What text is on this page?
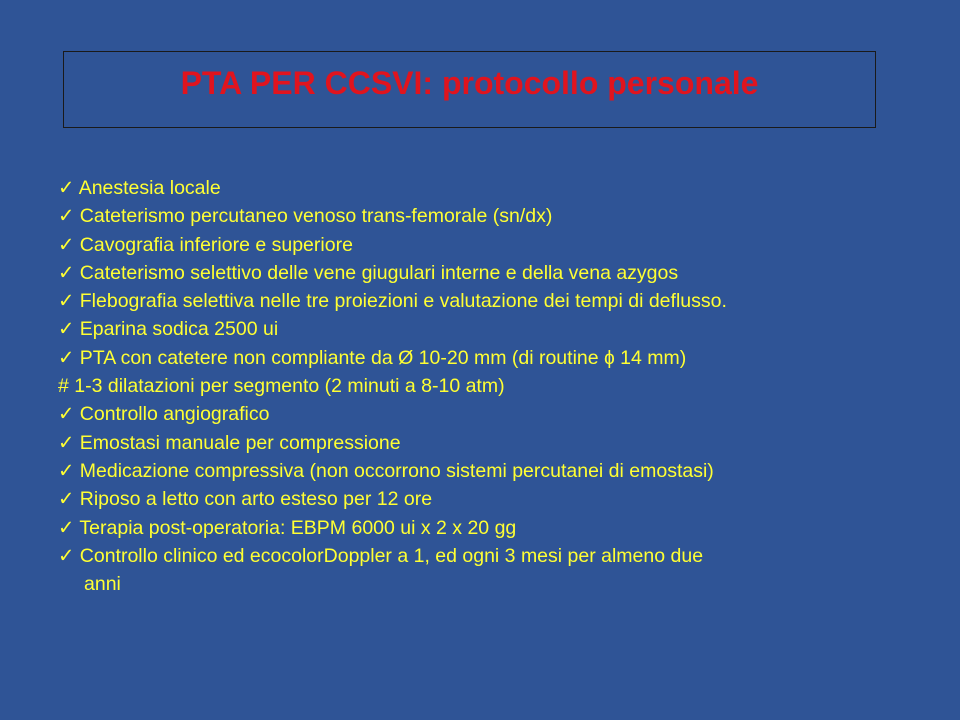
PTA PER CCSVI: protocollo personale
✓ Anestesia locale
✓ Cateterismo percutaneo venoso trans-femorale (sn/dx)
✓ Cavografia inferiore e superiore
✓ Cateterismo selettivo delle vene giugulari interne e della vena azygos
✓ Flebografia selettiva nelle tre proiezioni e valutazione dei tempi di deflusso.
✓ Eparina sodica 2500 ui
✓ PTA con catetere non compliante da Ø 10-20 mm (di routine ɸ 14 mm)
# 1-3 dilatazioni per segmento (2 minuti a 8-10 atm)
✓ Controllo angiografico
✓ Emostasi manuale per compressione
✓ Medicazione compressiva (non occorrono sistemi percutanei di emostasi)
✓ Riposo a letto con arto esteso per 12 ore
✓ Terapia post-operatoria: EBPM 6000 ui x 2 x 20 gg
✓ Controllo clinico ed ecocolorDoppler a 1, ed ogni 3 mesi per almeno due
anni
